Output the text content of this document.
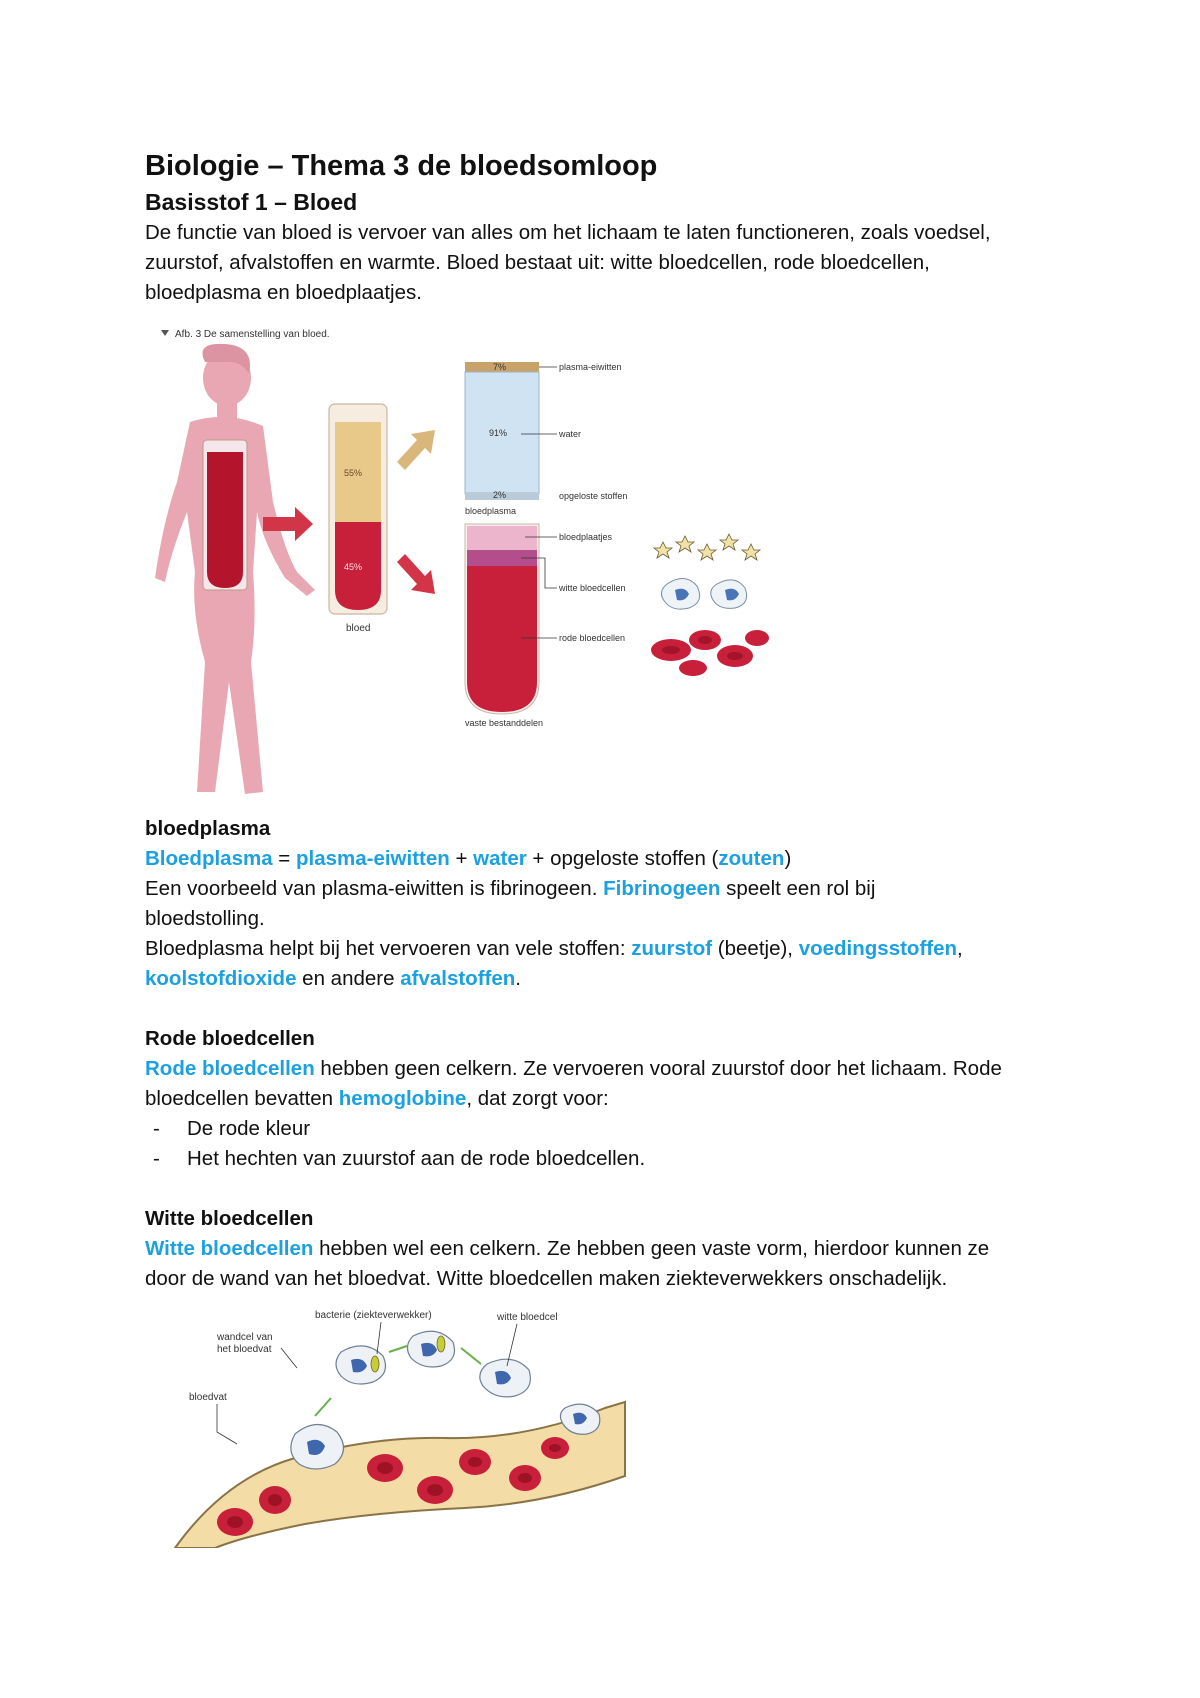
Biologie – Thema 3 de bloedsomloop
Basisstof 1 – Bloed

De functie van bloed is vervoer van alles om het lichaam te laten functioneren, zoals voedsel,

zuurstof, afvalstoffen en warmte. Bloed bestaat uit: witte bloedcellen, rode bloedcellen,

bloedplasma en bloedplaatjes.

Afb. 3 De samenstelling van bloed.
55%
45%
bloed
7%
91%
2%
bloedplasma
plasma-eiwitten
water
opgeloste stoffen
vaste bestanddelen
bloedplaatjes
witte bloedcellen
rode bloedcellen

bloedplasma

Bloedplasma = plasma-eiwitten + water + opgeloste stoffen (zouten)

Een voorbeeld van plasma-eiwitten is fibrinogeen. Fibrinogeen speelt een rol bij

bloedstolling.

Bloedplasma helpt bij het vervoeren van vele stoffen: zuurstof (beetje), voedingsstoffen,

koolstofdioxide en andere afvalstoffen.

Rode bloedcellen

Rode bloedcellen hebben geen celkern. Ze vervoeren vooral zuurstof door het lichaam. Rode

bloedcellen bevatten hemoglobine, dat zorgt voor:

-	De rode kleur
-	Het hechten van zuurstof aan de rode bloedcellen.

Witte bloedcellen

Witte bloedcellen hebben wel een celkern. Ze hebben geen vaste vorm, hierdoor kunnen ze

door de wand van het bloedvat. Witte bloedcellen maken ziekteverwekkers onschadelijk.

bacterie (ziekteverwekker)	witte bloedcel
wandcel van
het bloedvat
bloedvat
